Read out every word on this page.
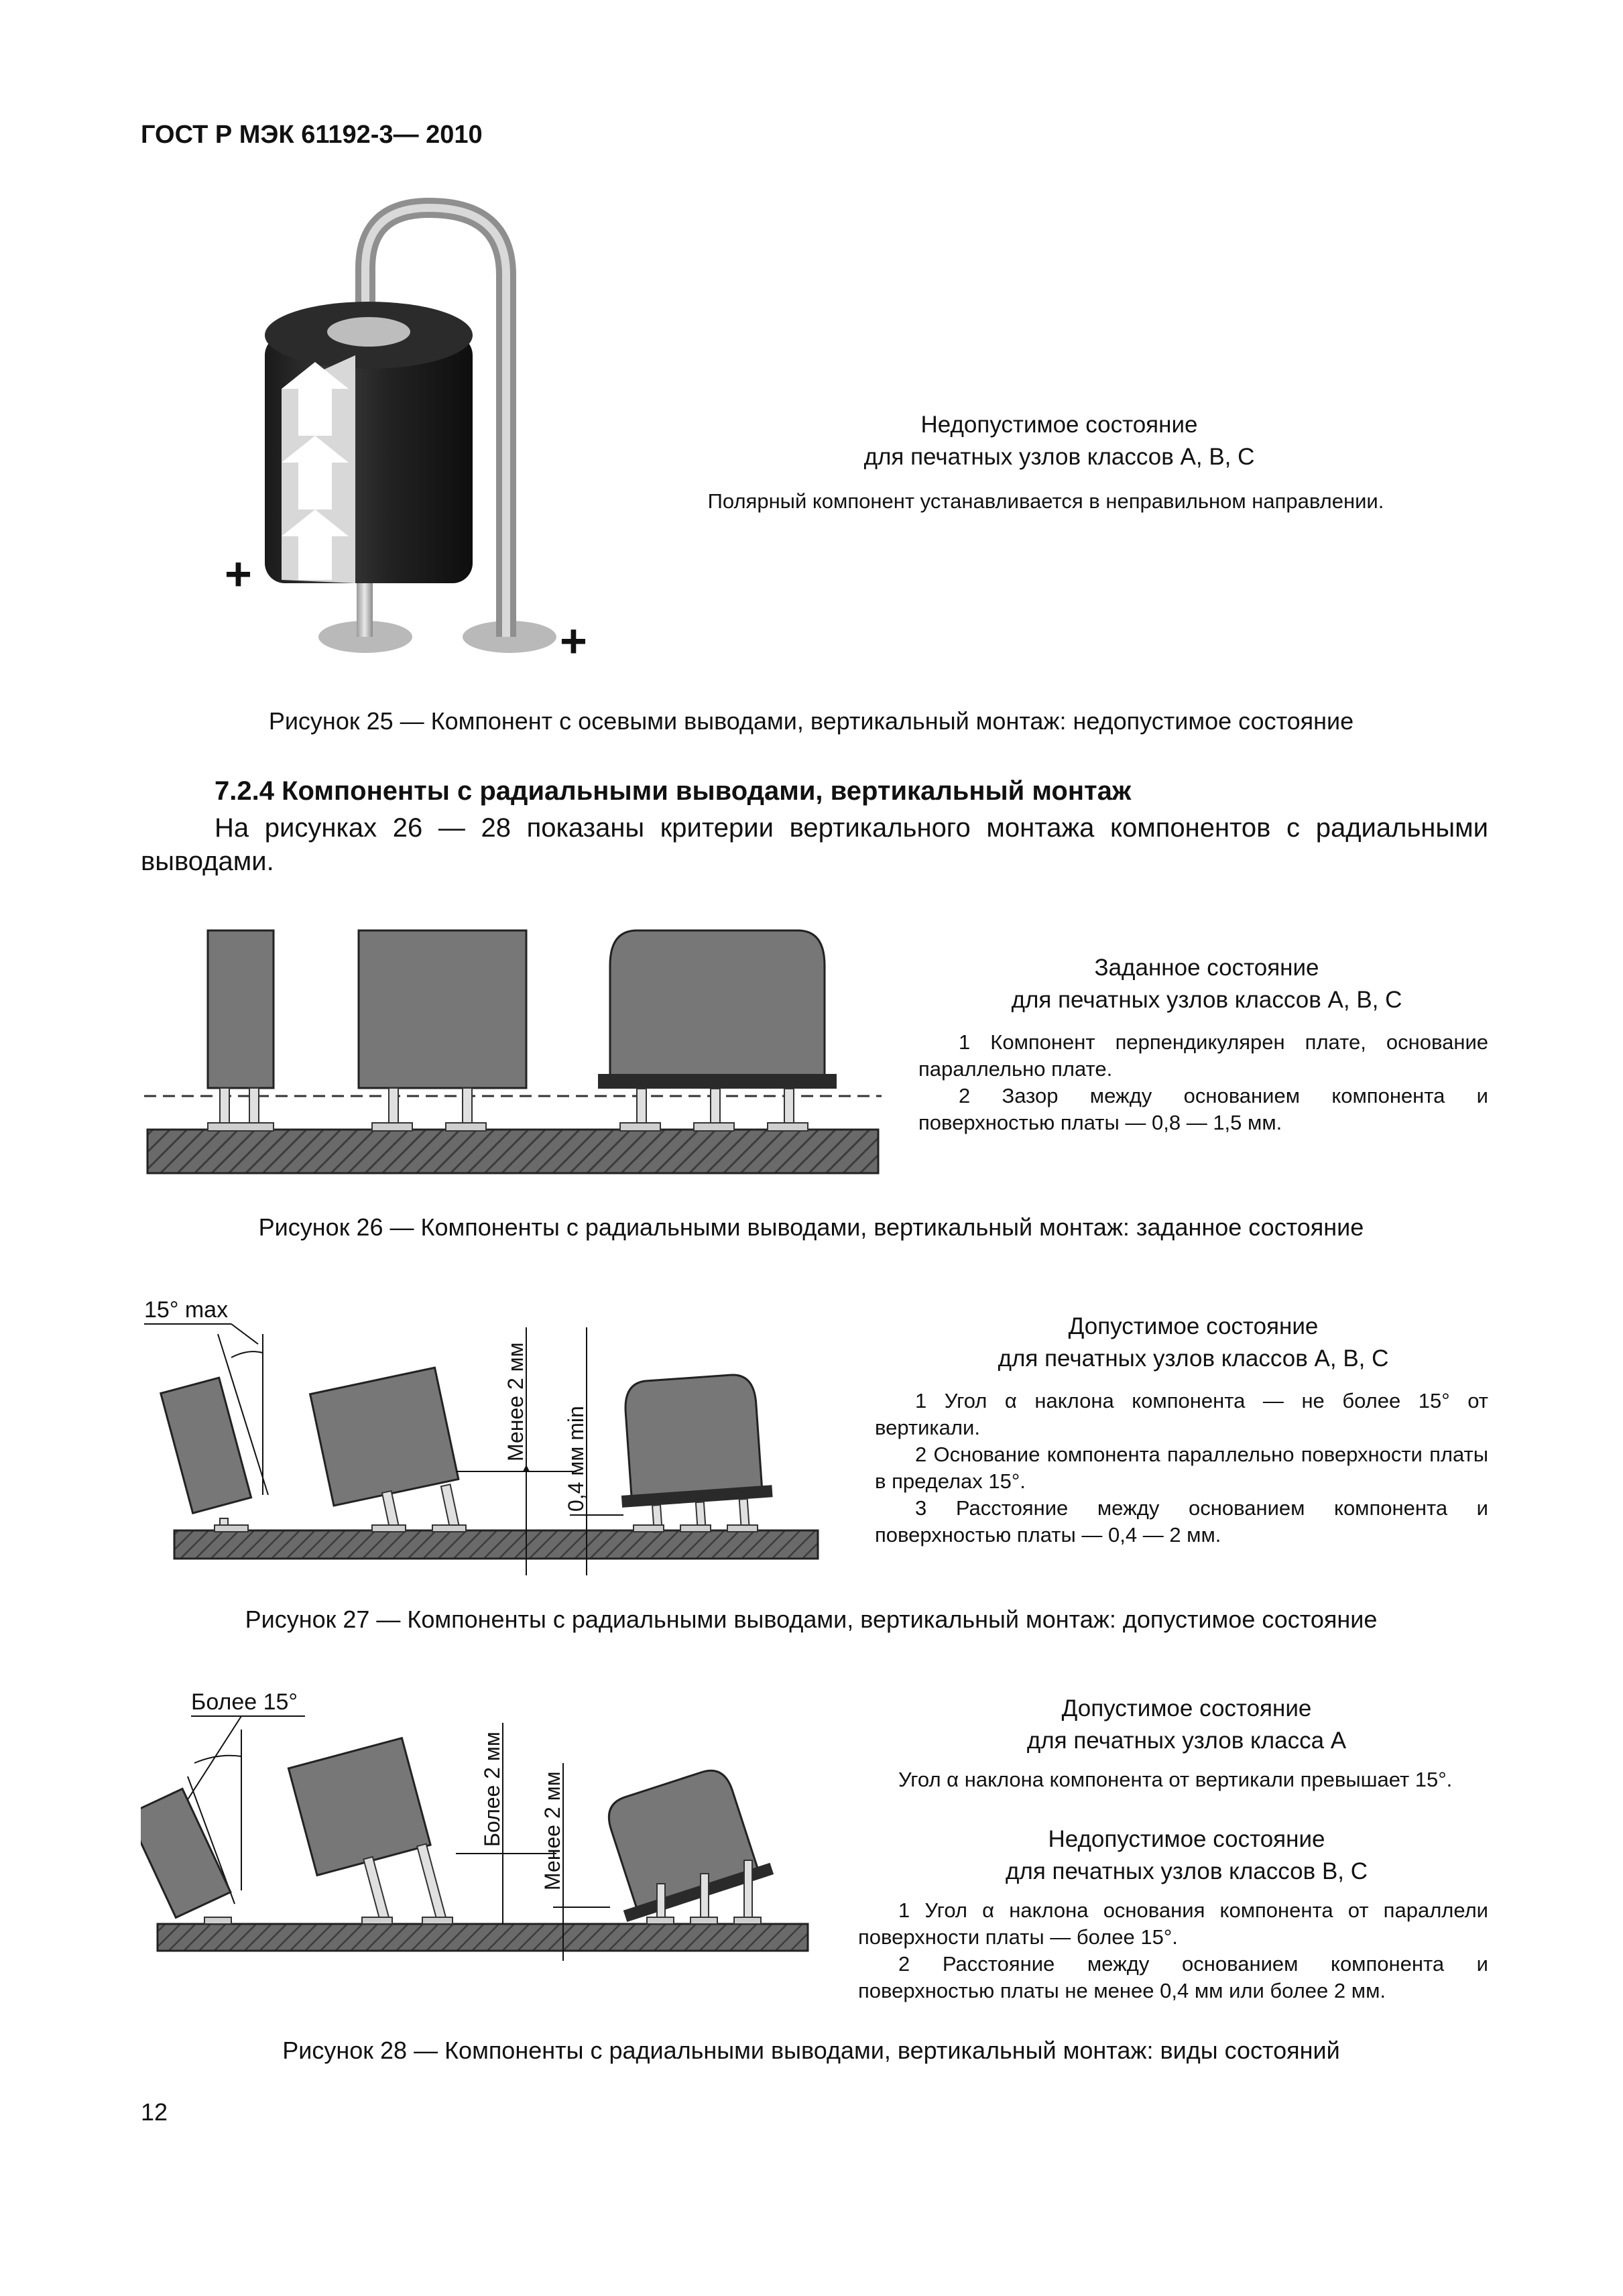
ГОСТ Р МЭК 61192-3— 2010
+
+
Недопустимое состояние
для печатных узлов классов А, В, С
Полярный компонент устанавливается в неправильном направлении.
Рисунок 25 — Компонент с осевыми выводами, вертикальный монтаж: недопустимое состояние
7.2.4 Компоненты с радиальными выводами, вертикальный монтаж
На рисунках 26 — 28 показаны критерии вертикального монтажа компонентов с радиальными выводами.
Заданное состояние
для печатных узлов классов А, В, С

1 Компонент перпендикулярен плате, основание параллельно плате.

2 Зазор между основанием компонента и поверхностью платы — 0,8 — 1,5 мм.

Рисунок 26 — Компоненты с радиальными выводами, вертикальный монтаж: заданное состояние
15° max
Менее 2 мм 0,4 мм min
Допустимое состояние
для печатных узлов классов А, В, С

1 Угол α наклона компонента — не более 15° от вертикали.

2 Основание компонента параллельно поверхности платы в пределах 15°.

3 Расстояние между основанием компонента и поверхностью платы — 0,4 — 2 мм.

Рисунок 27 — Компоненты с радиальными выводами, вертикальный монтаж: допустимое состояние
Более 15°
Более 2 мм Менее 2 мм
Допустимое состояние
для печатных узлов класса А

Угол α наклона компонента от вертикали превышает 15°.

Недопустимое состояние
для печатных узлов классов В, С

1 Угол α наклона основания компонента от параллели поверхности платы — более 15°.

2 Расстояние между основанием компонента и поверхностью платы не менее 0,4 мм или более 2 мм.

Рисунок 28 — Компоненты с радиальными выводами, вертикальный монтаж: виды состояний
12
